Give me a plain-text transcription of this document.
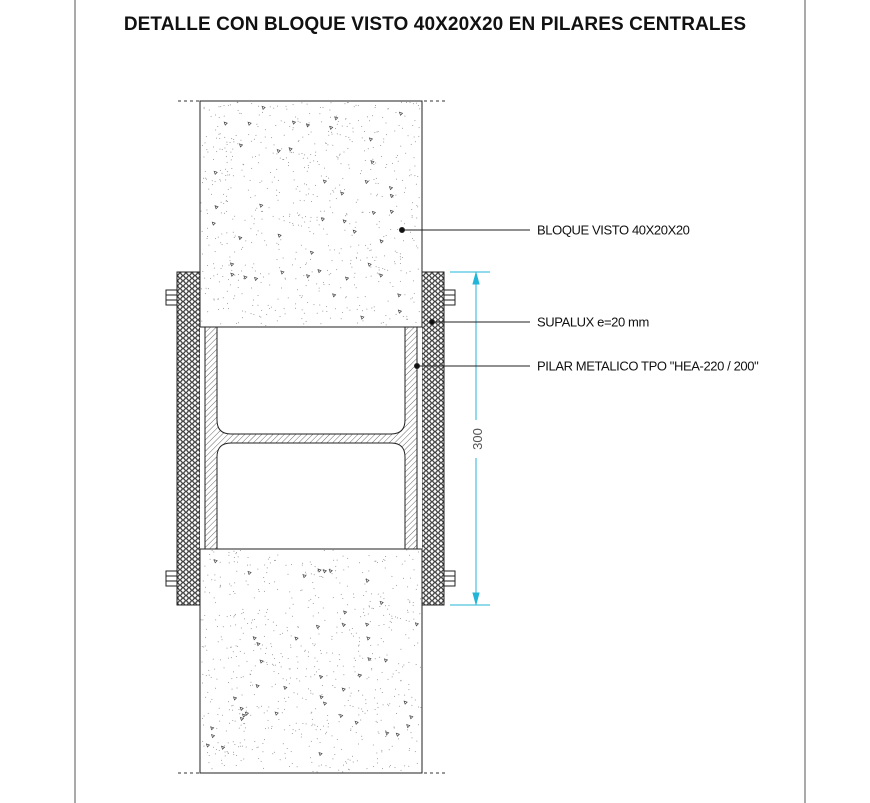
300
DETALLE CON BLOQUE VISTO 40X20X20 EN PILARES CENTRALES
BLOQUE VISTO 40X20X20
SUPALUX e=20 mm
PILAR METALICO TPO "HEA-220 / 200"
